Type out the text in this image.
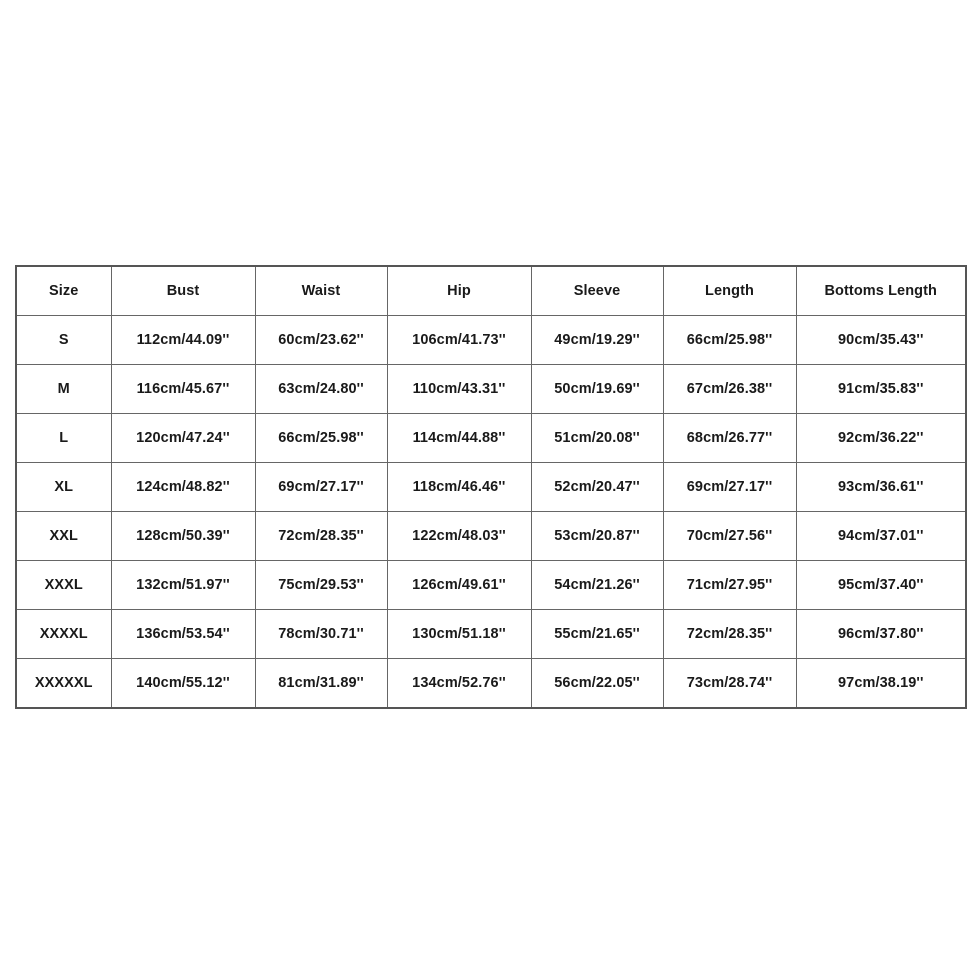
Size	Bust	Waist	Hip	Sleeve	Length	Bottoms Length
S	112cm/44.09''	60cm/23.62''	106cm/41.73''	49cm/19.29''	66cm/25.98''	90cm/35.43''
M	116cm/45.67''	63cm/24.80''	110cm/43.31''	50cm/19.69''	67cm/26.38''	91cm/35.83''
L	120cm/47.24''	66cm/25.98''	114cm/44.88''	51cm/20.08''	68cm/26.77''	92cm/36.22''
XL	124cm/48.82''	69cm/27.17''	118cm/46.46''	52cm/20.47''	69cm/27.17''	93cm/36.61''
XXL	128cm/50.39''	72cm/28.35''	122cm/48.03''	53cm/20.87''	70cm/27.56''	94cm/37.01''
XXXL	132cm/51.97''	75cm/29.53''	126cm/49.61''	54cm/21.26''	71cm/27.95''	95cm/37.40''
XXXXL	136cm/53.54''	78cm/30.71''	130cm/51.18''	55cm/21.65''	72cm/28.35''	96cm/37.80''
XXXXXL	140cm/55.12''	81cm/31.89''	134cm/52.76''	56cm/22.05''	73cm/28.74''	97cm/38.19''
